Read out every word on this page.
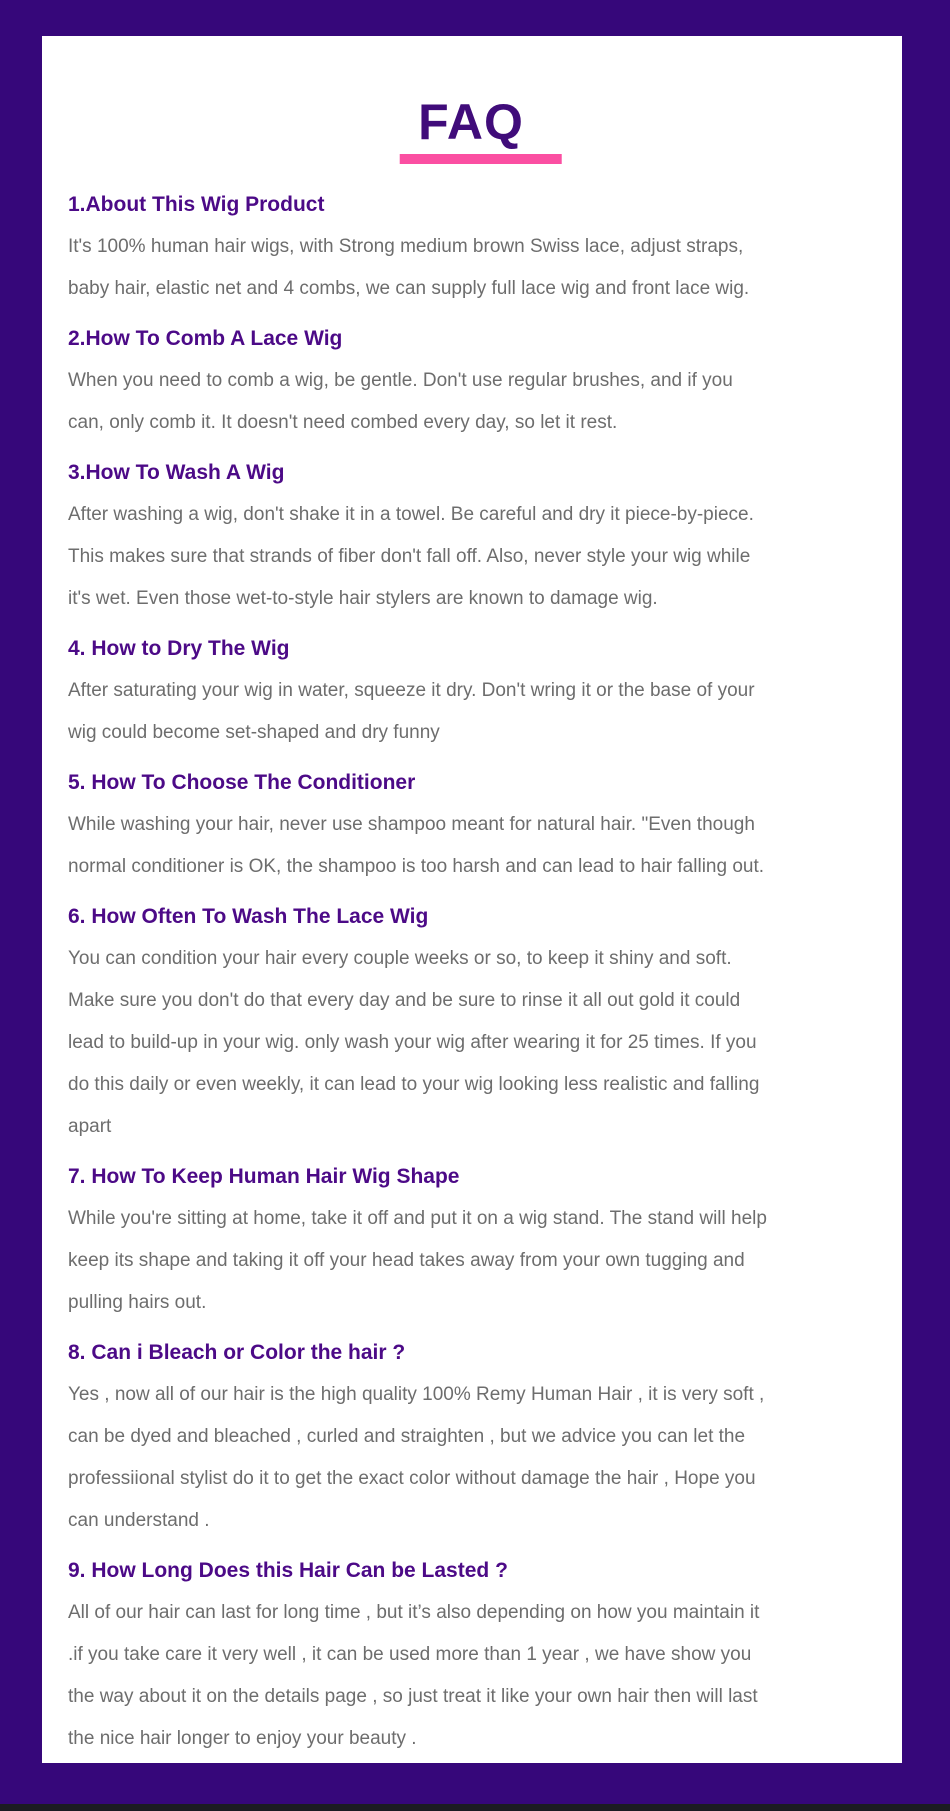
FAQ
1.About This Wig Product

It's 100% human hair wigs, with Strong medium brown Swiss lace, adjust straps,

baby hair, elastic net and 4 combs, we can supply full lace wig and front lace wig.

2.How To Comb A Lace Wig

When you need to comb a wig, be gentle. Don't use regular brushes, and if you

can, only comb it. It doesn't need combed every day, so let it rest.

3.How To Wash A Wig

After washing a wig, don't shake it in a towel. Be careful and dry it piece-by-piece.

This makes sure that strands of fiber don't fall off. Also, never style your wig while

it's wet. Even those wet-to-style hair stylers are known to damage wig.

4. How to Dry The Wig

After saturating your wig in water, squeeze it dry. Don't wring it or the base of your

wig could become set-shaped and dry funny

5. How To Choose The Conditioner

While washing your hair, never use shampoo meant for natural hair. "Even though

normal conditioner is OK, the shampoo is too harsh and can lead to hair falling out.

6. How Often To Wash The Lace Wig

You can condition your hair every couple weeks or so, to keep it shiny and soft.

Make sure you don't do that every day and be sure to rinse it all out gold it could

lead to build-up in your wig. only wash your wig after wearing it for 25 times. If you

do this daily or even weekly, it can lead to your wig looking less realistic and falling

apart

7. How To Keep Human Hair Wig Shape

While you're sitting at home, take it off and put it on a wig stand. The stand will help

keep its shape and taking it off your head takes away from your own tugging and

pulling hairs out.

8. Can i Bleach or Color the hair ?

Yes , now all of our hair is the high quality 100% Remy Human Hair , it is very soft ,

can be dyed and bleached , curled and straighten , but we advice you can let the

professiional stylist do it to get the exact color without damage the hair , Hope you

can understand .

9. How Long Does this Hair Can be Lasted ?

All of our hair can last for long time , but it’s also depending on how you maintain it

.if you take care it very well , it can be used more than 1 year , we have show you

the way about it on the details page , so just treat it like your own hair then will last

the nice hair longer to enjoy your beauty .
